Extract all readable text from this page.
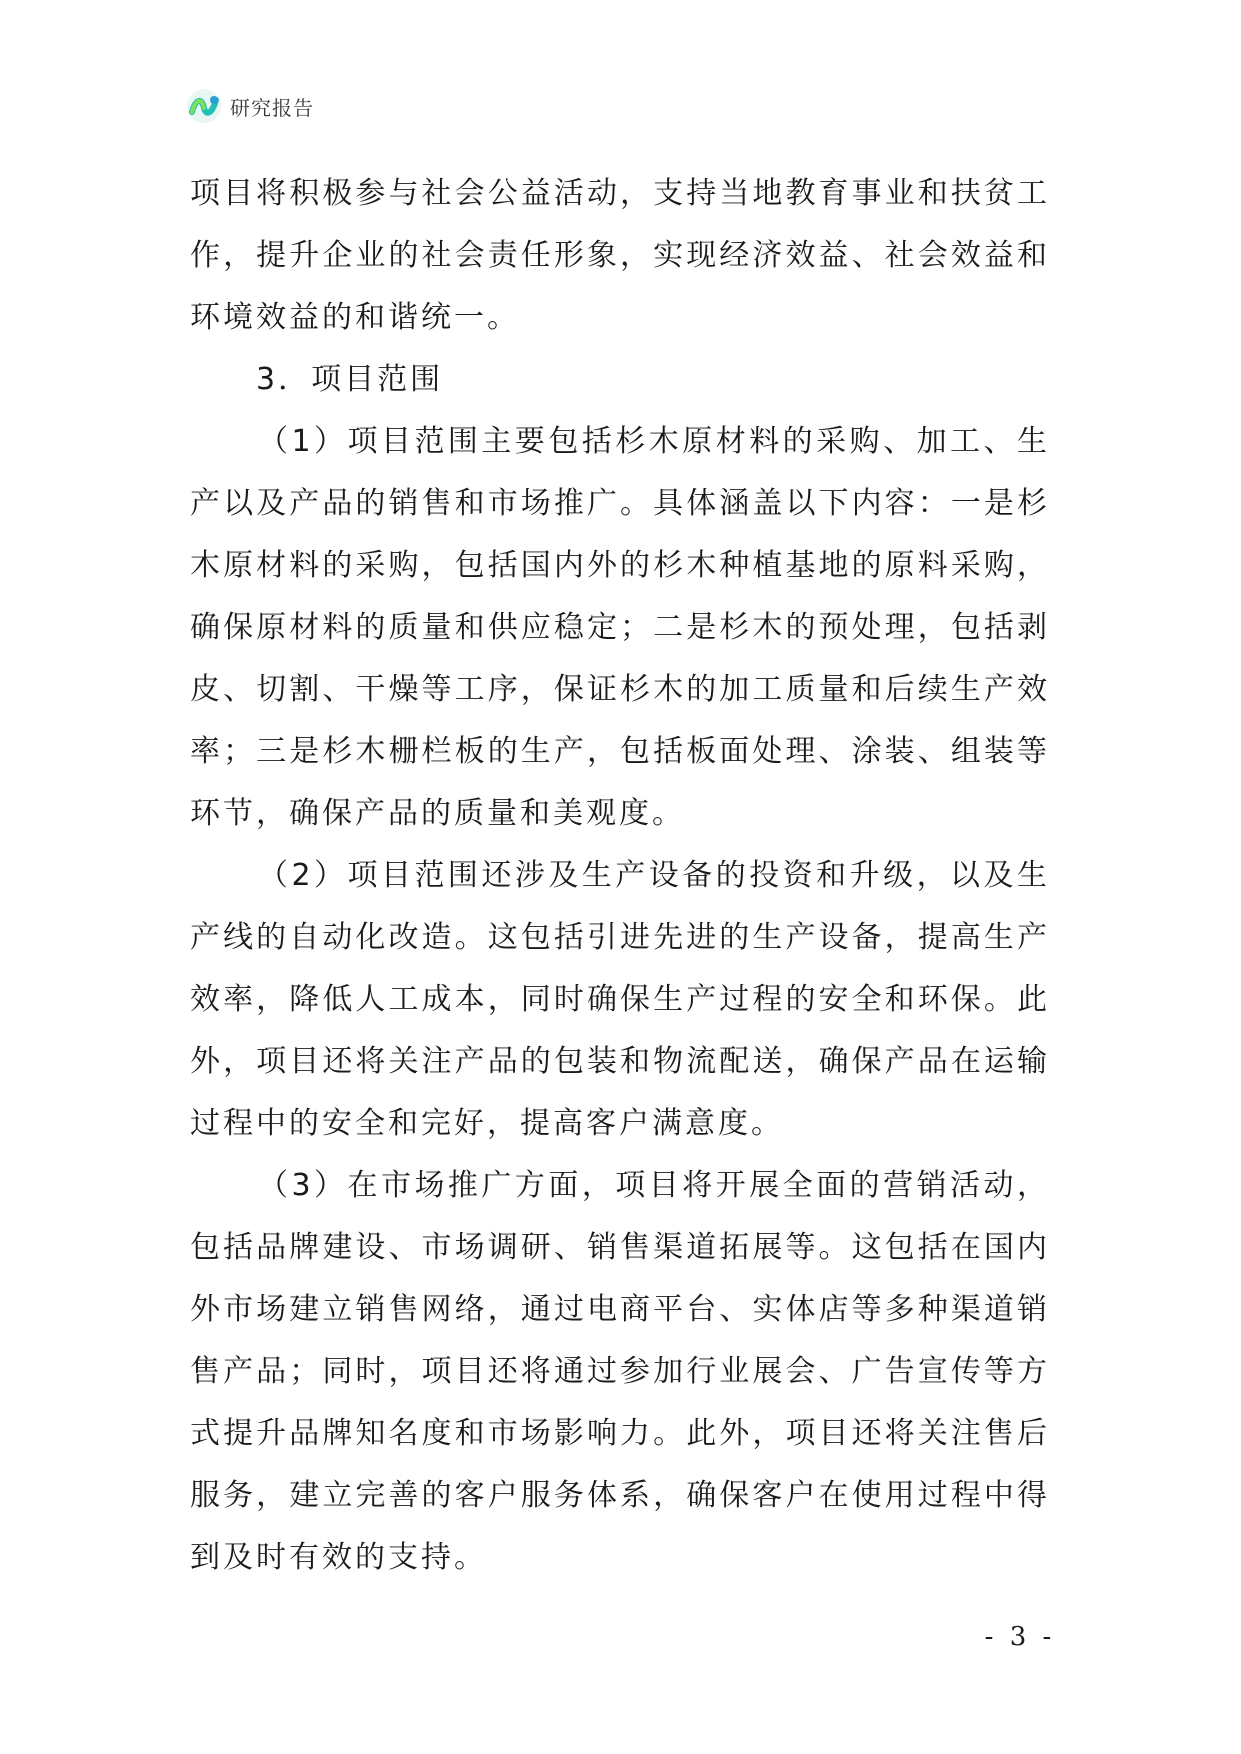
研究报告

项目将积极参与社会公益活动，支持当地教育事业和扶贫工作，提升企业的社会责任形象，实现经济效益、社会效益和环境效益的和谐统一。

3．项目范围

（1）项目范围主要包括杉木原材料的采购、加工、生产以及产品的销售和市场推广。具体涵盖以下内容：一是杉木原材料的采购，包括国内外的杉木种植基地的原料采购，确保原材料的质量和供应稳定；二是杉木的预处理，包括剥皮、切割、干燥等工序，保证杉木的加工质量和后续生产效率；三是杉木栅栏板的生产，包括板面处理、涂装、组装等环节，确保产品的质量和美观度。

（2）项目范围还涉及生产设备的投资和升级，以及生产线的自动化改造。这包括引进先进的生产设备，提高生产效率，降低人工成本，同时确保生产过程的安全和环保。此外，项目还将关注产品的包装和物流配送，确保产品在运输过程中的安全和完好，提高客户满意度。

（3）在市场推广方面，项目将开展全面的营销活动，包括品牌建设、市场调研、销售渠道拓展等。这包括在国内外市场建立销售网络，通过电商平台、实体店等多种渠道销售产品；同时，项目还将通过参加行业展会、广告宣传等方式提升品牌知名度和市场影响力。此外，项目还将关注售后服务，建立完善的客户服务体系，确保客户在使用过程中得到及时有效的支持。

- 3 -
